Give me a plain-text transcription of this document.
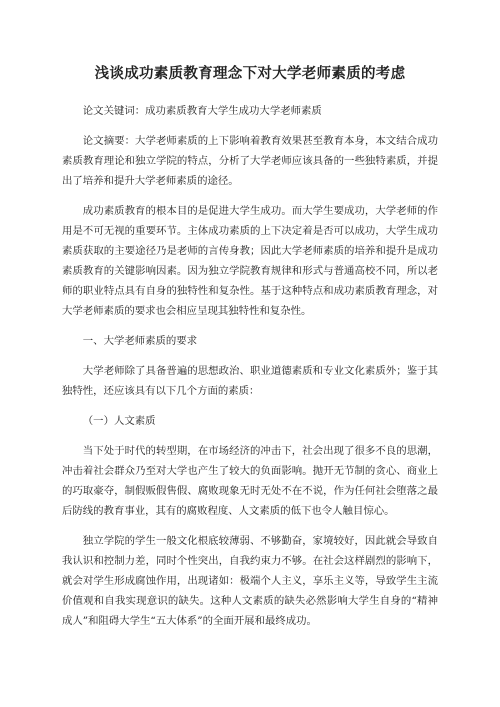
浅谈成功素质教育理念下对大学老师素质的考虑

论文关键词：成功素质教育大学生成功大学老师素质

论文摘要：大学老师素质的上下影响着教育效果甚至教育本身，本文结合成功素质教育理论和独立学院的特点，分析了大学老师应该具备的一些独特素质，并提出了培养和提升大学老师素质的途径。

成功素质教育的根本目的是促进大学生成功。而大学生要成功，大学老师的作用是不可无视的重要环节。主体成功素质的上下决定着是否可以成功，大学生成功素质获取的主要途径乃是老师的言传身教；因此大学老师素质的培养和提升是成功素质教育的关键影响因素。因为独立学院教育规律和形式与普通高校不同，所以老师的职业特点具有自身的独特性和复杂性。基于这种特点和成功素质教育理念，对大学老师素质的要求也会相应呈现其独特性和复杂性。

一、大学老师素质的要求

大学老师除了具备普遍的思想政治、职业道德素质和专业文化素质外；鉴于其独特性，还应该具有以下几个方面的素质：

（一）人文素质

当下处于时代的转型期，在市场经济的冲击下，社会出现了很多不良的思潮，冲击着社会群众乃至对大学也产生了较大的负面影响。抛开无节制的贪心、商业上的巧取豪夺，制假贩假售假、腐败现象无时无处不在不说，作为任何社会堕落之最后防线的教育事业，其有的腐败程度、人文素质的低下也令人触目惊心。

独立学院的学生一般文化根底较薄弱、不够勤奋，家境较好，因此就会导致自我认识和控制力差，同时个性突出，自我约束力不够。在社会这样剧烈的影响下，就会对学生形成腐蚀作用，出现诸如：极端个人主义，享乐主义等，导致学生主流价值观和自我实现意识的缺失。这种人文素质的缺失必然影响大学生自身的“精神成人”和阻碍大学生“五大体系”的全面开展和最终成功。
